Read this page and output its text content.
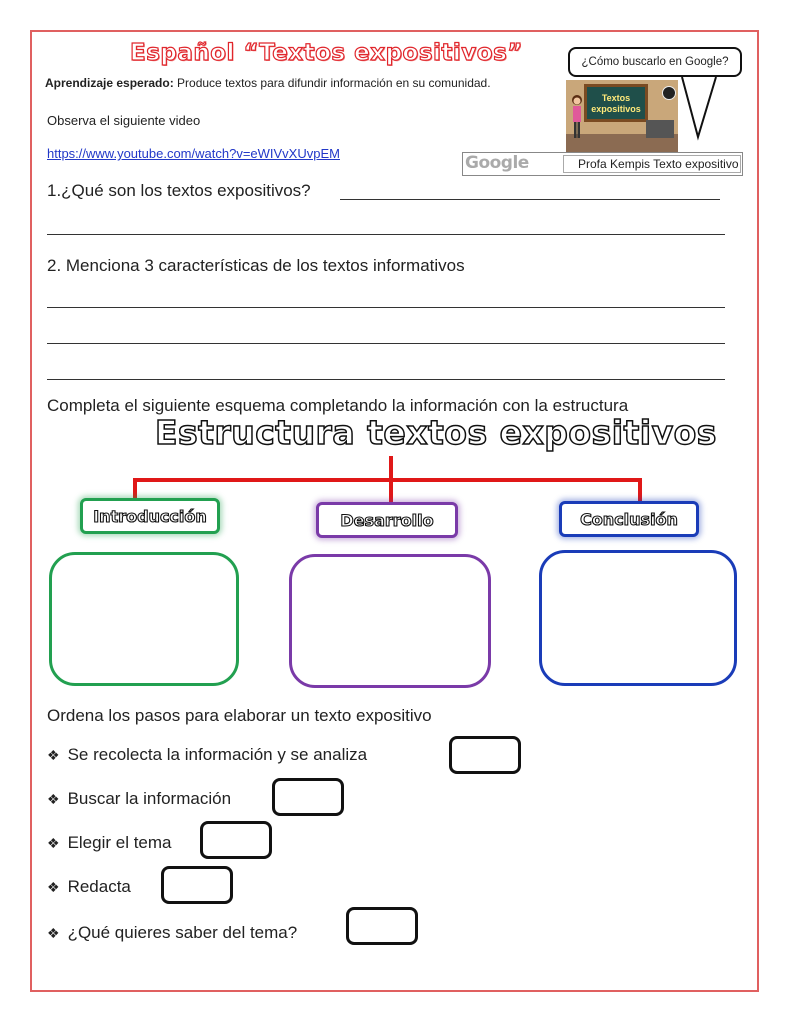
Español “Textos expositivos”
Aprendizaje esperado: Produce textos para difundir información en su comunidad.
Observa el siguiente video
https://www.youtube.com/watch?v=eWIVvXUvpEM
¿Cómo buscarlo en Google?
Textos expositivos
Google	Profa Kempis Texto expositivo
1.¿Qué son los textos expositivos?
2. Menciona 3 características de los textos informativos
Completa el siguiente esquema completando la información con la estructura
Estructura textos expositivos
Introducción	Desarrollo	Conclusión
Ordena los pasos para elaborar un texto expositivo
❖ Se recolecta la información y se analiza
❖ Buscar la información
❖ Elegir el tema
❖ Redacta
❖ ¿Qué quieres saber del tema?
